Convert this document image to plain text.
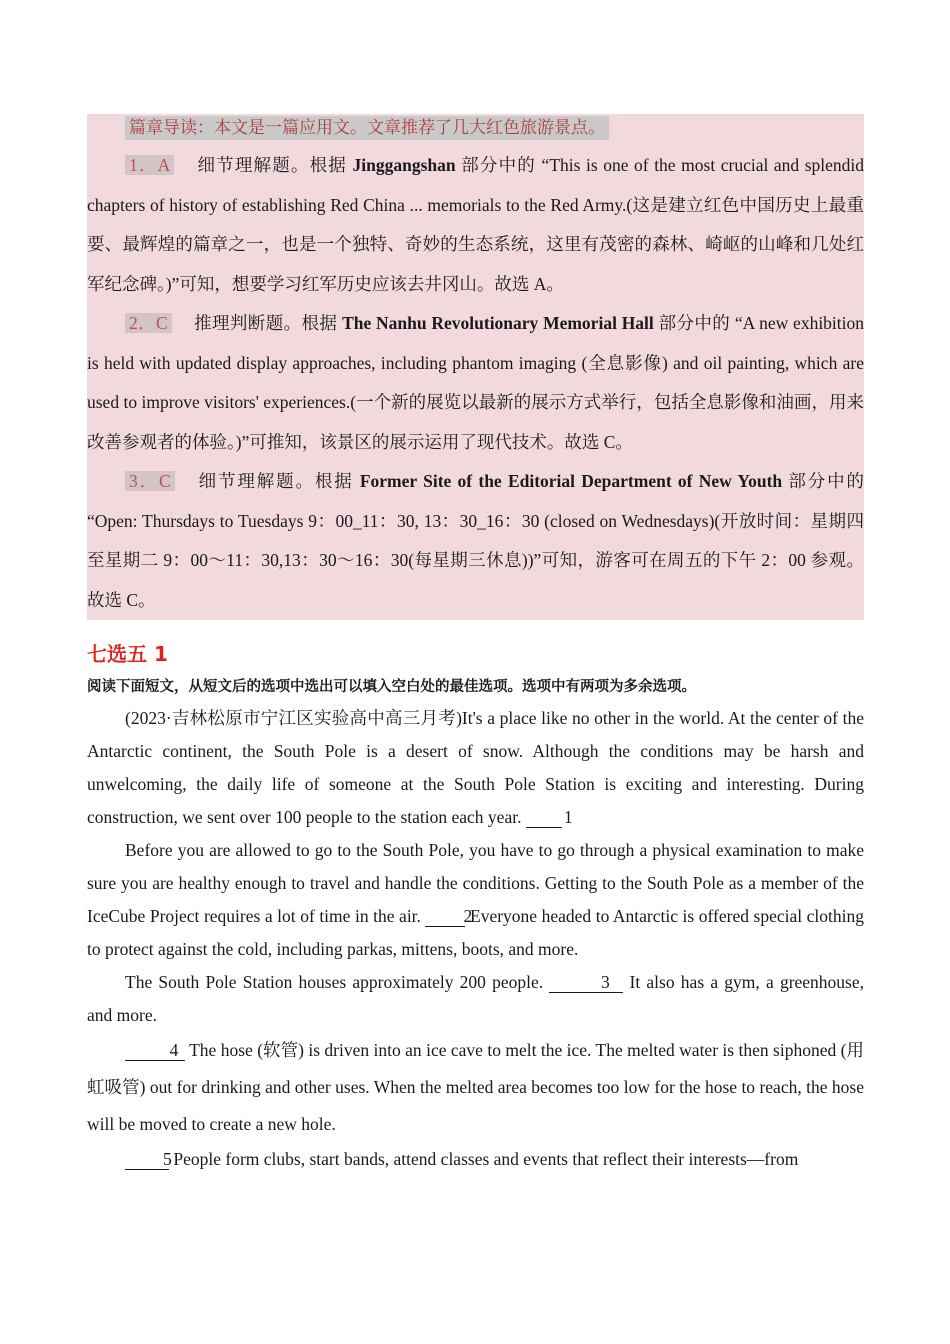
篇章导读：本文是一篇应用文。文章推荐了几大红色旅游景点。

1．A 细节理解题。根据 Jinggangshan 部分中的 “This is one of the most crucial and splendid chapters of history of establishing Red China ... memorials to the Red Army.(这是建立红色中国历史上最重要、最辉煌的篇章之一，也是一个独特、奇妙的生态系统，这里有茂密的森林、崎岖的山峰和几处红军纪念碑。)”可知，想要学习红军历史应该去井冈山。故选 A。

2．C 推理判断题。根据 The Nanhu Revolutionary Memorial Hall 部分中的 “A new exhibition is held with updated display approaches, including phantom imaging (全息影像) and oil painting, which are used to improve visitors' experiences.(一个新的展览以最新的展示方式举行，包括全息影像和油画，用来改善参观者的体验。)”可推知，该景区的展示运用了现代技术。故选 C。

3．C 细节理解题。根据 Former Site of the Editorial Department of New Youth 部分中的 “Open: Thursdays to Tuesdays 9：00_11：30, 13：30_16：30 (closed on Wednesdays)(开放时间：星期四至星期二 9：00～11：30,13：30～16：30(每星期三休息))”可知，游客可在周五的下午 2：00 参观。故选 C。

七选五 1
阅读下面短文，从短文后的选项中选出可以填入空白处的最佳选项。选项中有两项为多余选项。

(2023·吉林松原市宁江区实验高中高三月考)It's a place like no other in the world. At the center of the Antarctic continent, the South Pole is a desert of snow. Although the conditions may be harsh and unwelcoming, the daily life of someone at the South Pole Station is exciting and interesting. During construction, we sent over 100 people to the station each year. 1

Before you are allowed to go to the South Pole, you have to go through a physical examination to make sure you are healthy enough to travel and handle the conditions. Getting to the South Pole as a member of the IceCube Project requires a lot of time in the air. 2 Everyone headed to Antarctic is offered special clothing to protect against the cold, including parkas, mittens, boots, and more.

The South Pole Station houses approximately 200 people.	3 It also has a gym, a greenhouse, and more.

4 The hose (软管) is driven into an ice cave to melt the ice. The melted water is then siphoned (用虹吸管) out for drinking and other uses. When the melted area becomes too low for the hose to reach, the hose will be moved to create a new hole.

5 People form clubs, start bands, attend classes and events that reflect their interests—from
